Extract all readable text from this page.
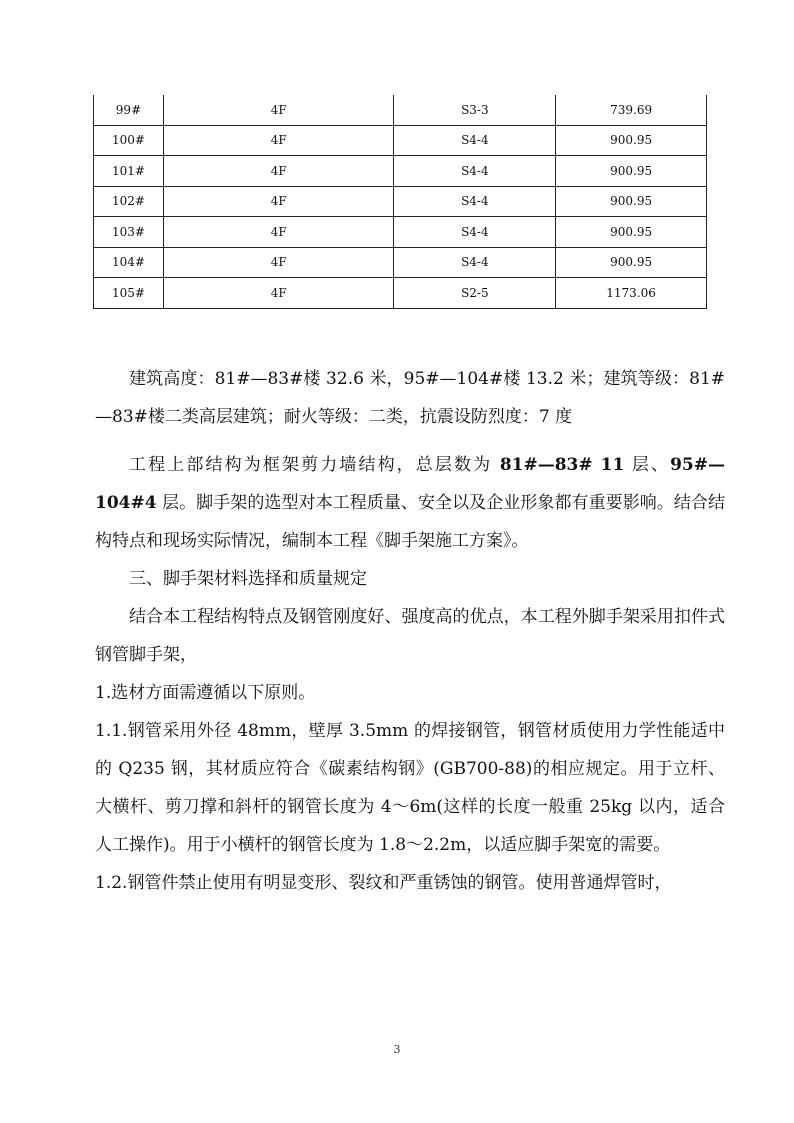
99#	4F	S3-3	739.69
100#	4F	S4-4	900.95
101#	4F	S4-4	900.95
102#	4F	S4-4	900.95
103#	4F	S4-4	900.95
104#	4F	S4-4	900.95
105#	4F	S2-5	1173.06

建筑高度：81#—83#楼 32.6 米，95#—104#楼 13.2 米；建筑等级：81#—83#楼二类高层建筑；耐火等级：二类，抗震设防烈度：7 度

工程上部结构为框架剪力墙结构，总层数为 81#—83# 11 层、95#—104#4 层。脚手架的选型对本工程质量、安全以及企业形象都有重要影响。结合结构特点和现场实际情况，编制本工程《脚手架施工方案》。

三、脚手架材料选择和质量规定

结合本工程结构特点及钢管刚度好、强度高的优点，本工程外脚手架采用扣件式钢管脚手架，

1.选材方面需遵循以下原则。

1.1.钢管采用外径 48mm，壁厚 3.5mm 的焊接钢管，钢管材质使用力学性能适中的 Q235 钢，其材质应符合《碳素结构钢》(GB700-88)的相应规定。用于立杆、大横杆、剪刀撑和斜杆的钢管长度为 4～6m(这样的长度一般重 25kg 以内，适合人工操作)。用于小横杆的钢管长度为 1.8～2.2m，以适应脚手架宽的需要。

1.2.钢管件禁止使用有明显变形、裂纹和严重锈蚀的钢管。使用普通焊管时，

3
